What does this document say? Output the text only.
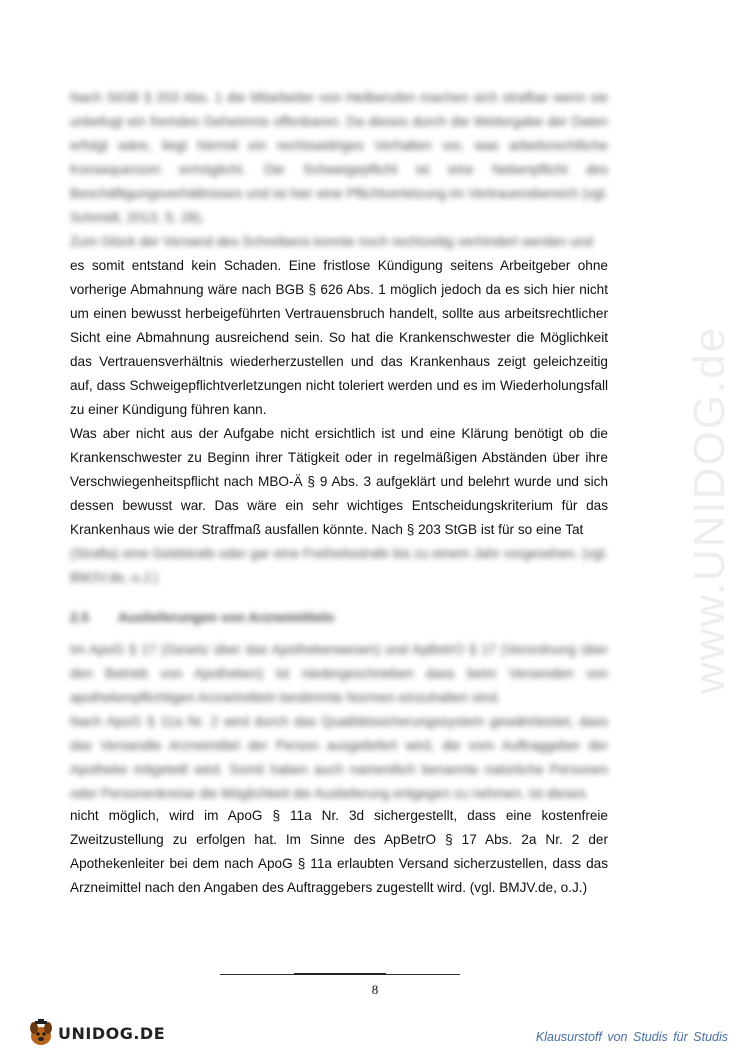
www.UNIDOG.de

Nach StGB § 203 Abs. 1 die Mitarbeiter von Heilberufen machen sich strafbar wenn sie unbefugt ein fremdes Geheimnis offenbaren. Da dieses durch die Weitergabe der Daten erfolgt wäre, liegt hiermit ein rechtswidriges Verhalten vor, was arbeitsrechtliche Konsequenzen ermöglicht. Die Schweigepflicht ist eine Nebenpflicht des Beschäftigungsverhältnisses und ist hier eine Pflichtverletzung im Vertrauensbereich (vgl. Schmidt, 2013, S. 28).

Zum Glück der Versand des Schreibens konnte noch rechtzeitig verhindert werden und

es somit entstand kein Schaden. Eine fristlose Kündigung seitens Arbeitgeber ohne vorherige Abmahnung wäre nach BGB § 626 Abs. 1 möglich jedoch da es sich hier nicht um einen bewusst herbeigeführten Vertrauensbruch handelt, sollte aus arbeitsrechtlicher Sicht eine Abmahnung ausreichend sein. So hat die Krankenschwester die Möglichkeit das Vertrauensverhältnis wiederherzustellen und das Krankenhaus zeigt geleichzeitig auf, dass Schweigepflichtverletzungen nicht toleriert werden und es im Wiederholungsfall zu einer Kündigung führen kann.

Was aber nicht aus der Aufgabe nicht ersichtlich ist und eine Klärung benötigt ob die Krankenschwester zu Beginn ihrer Tätigkeit oder in regelmäßigen Abständen über ihre Verschwiegenheitspflicht nach MBO-Ä § 9 Abs. 3 aufgeklärt und belehrt wurde und sich dessen bewusst war. Das wäre ein sehr wichtiges Entscheidungskriterium für das Krankenhaus wie der Straffmaß ausfallen könnte. Nach § 203 StGB ist für so eine Tat

(Strafta) eine Geldstrafe oder gar eine Freiheitsstrafe bis zu einem Jahr vorgesehen. (vgl. BMJV.de, o.J.)

2.5 Auslieferungen von Arzneimitteln

Im ApoG § 17 (Gesetz über das Apothekenwesen) und ApBetrO § 17 (Verordnung über den Betrieb von Apotheken) ist niedergeschrieben dass beim Versenden von apothekenpflichtigen Arzneimitteln bestimmte Normen einzuhalten sind.

Nach ApoG § 11a Nr. 2 wird durch das Qualitätssicherungssystem gewährleistet, dass das Versandte Arzneimittel der Person ausgeliefert wird, die vom Auftraggeber der Apotheke mitgeteilt wird. Somit haben auch namentlich benannte natürliche Personen oder Personenkreise die Möglichkeit die Auslieferung entgegen zu nehmen. Ist dieses

nicht möglich, wird im ApoG § 11a Nr. 3d sichergestellt, dass eine kostenfreie Zweitzustellung zu erfolgen hat. Im Sinne des ApBetrO § 17 Abs. 2a Nr. 2 der Apothekenleiter bei dem nach ApoG § 11a erlaubten Versand sicherzustellen, dass das Arzneimittel nach den Angaben des Auftraggebers zugestellt wird. (vgl. BMJV.de, o.J.)

8
UNIDOG.DE	Klausurstoff von Studis für Studis
